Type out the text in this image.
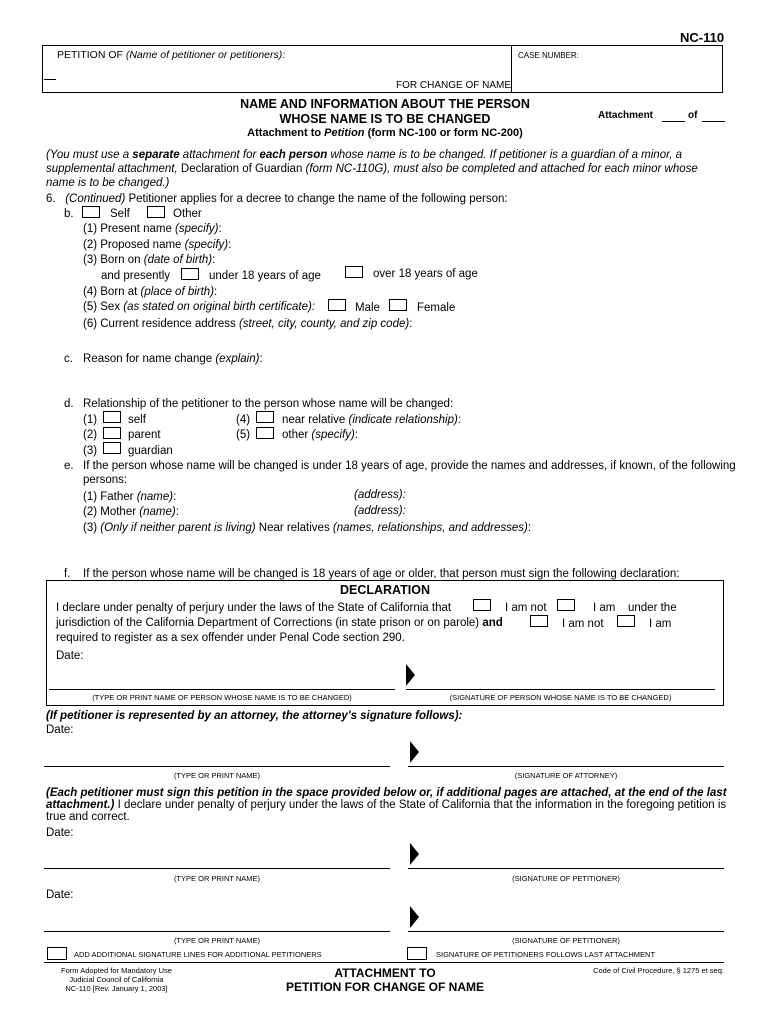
NC-110
PETITION OF (Name of petitioner or petitioners):	CASE NUMBER:
FOR CHANGE OF NAME
NAME AND INFORMATION ABOUT THE PERSON
WHOSE NAME IS TO BE CHANGED
Attachment to Petition (form NC-100 or form NC-200)
Attachment	of
(You must use a separate attachment for each person whose name is to be changed. If petitioner is a guardian of a minor, a
supplemental attachment, Declaration of Guardian (form NC-110G), must also be completed and attached for each minor whose
name is to be changed.)
6. (Continued) Petitioner applies for a decree to change the name of the following person:
b.	Self	Other
(1) Present name (specify):
(2) Proposed name (specify):
(3) Born on (date of birth):
and presently	under 18 years of age	over 18 years of age
(4) Born at (place of birth):
(5) Sex (as stated on original birth certificate):	Male	Female
(6) Current residence address (street, city, county, and zip code):
c. Reason for name change (explain):
d. Relationship of the petitioner to the person whose name will be changed:
(1)	self
(2)	parent
(3)	guardian
(4)	near relative (indicate relationship):
(5)	other (specify):
e. If the person whose name will be changed is under 18 years of age, provide the names and addresses, if known, of the following
persons:
(1) Father (name):	(address):
(2) Mother (name):	(address):
(3) (Only if neither parent is living) Near relatives (names, relationships, and addresses):
f. If the person whose name will be changed is 18 years of age or older, that person must sign the following declaration:
DECLARATION
I declare under penalty of perjury under the laws of the State of California that	I am not	I am under the
jurisdiction of the California Department of Corrections (in state prison or on parole) and	I am not	I am
required to register as a sex offender under Penal Code section 290.
Date:
(TYPE OR PRINT NAME OF PERSON WHOSE NAME IS TO BE CHANGED)	(SIGNATURE OF PERSON WHOSE NAME IS TO BE CHANGED)
(If petitioner is represented by an attorney, the attorney's signature follows):
Date:
(TYPE OR PRINT NAME)	(SIGNATURE OF ATTORNEY)
(Each petitioner must sign this petition in the space provided below or, if additional pages are attached, at the end of the last
attachment.) I declare under penalty of perjury under the laws of the State of California that the information in the foregoing petition is
true and correct.
Date:
(TYPE OR PRINT NAME)	(SIGNATURE OF PETITIONER)
Date:
(TYPE OR PRINT NAME)	(SIGNATURE OF PETITIONER)
ADD ADDITIONAL SIGNATURE LINES FOR ADDITIONAL PETITIONERS	SIGNATURE OF PETITIONERS FOLLOWS LAST ATTACHMENT
Form Adopted for Mandatory Use
Judicial Council of California
NC-110 [Rev. January 1, 2003]
ATTACHMENT TO
PETITION FOR CHANGE OF NAME
Code of Civil Procedure, § 1275 et seq.
